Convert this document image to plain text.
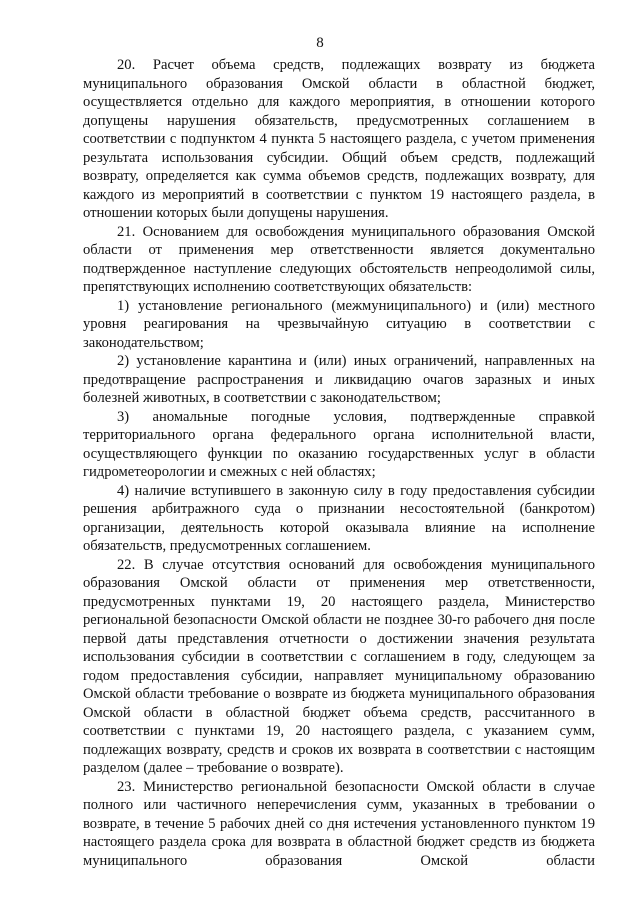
8

20. Расчет объема средств, подлежащих возврату из бюджета муниципального образования Омской области в областной бюджет, осуществляется отдельно для каждого мероприятия, в отношении которого допущены нарушения обязательств, предусмотренных соглашением в соответствии с подпунктом 4 пункта 5 настоящего раздела, с учетом применения результата использования субсидии. Общий объем средств, подлежащий возврату, определяется как сумма объемов средств, подлежащих возврату, для каждого из мероприятий в соответствии с пунктом 19 настоящего раздела, в отношении которых были допущены нарушения.

21. Основанием для освобождения муниципального образования Омской области от применения мер ответственности является документально подтвержденное наступление следующих обстоятельств непреодолимой силы, препятствующих исполнению соответствующих обязательств:

1) установление регионального (межмуниципального) и (или) местного уровня реагирования на чрезвычайную ситуацию в соответствии с законодательством;

2) установление карантина и (или) иных ограничений, направленных на предотвращение распространения и ликвидацию очагов заразных и иных болезней животных, в соответствии с законодательством;

3) аномальные погодные условия, подтвержденные справкой территориального органа федерального органа исполнительной власти, осуществляющего функции по оказанию государственных услуг в области гидрометеорологии и смежных с ней областях;

4) наличие вступившего в законную силу в году предоставления субсидии решения арбитражного суда о признании несостоятельной (банкротом) организации, деятельность которой оказывала влияние на исполнение обязательств, предусмотренных соглашением.

22. В случае отсутствия оснований для освобождения муниципального образования Омской области от применения мер ответственности, предусмотренных пунктами 19, 20 настоящего раздела, Министерство региональной безопасности Омской области не позднее 30-го рабочего дня после первой даты представления отчетности о достижении значения результата использования субсидии в соответствии с соглашением в году, следующем за годом предоставления субсидии, направляет муниципальному образованию Омской области требование о возврате из бюджета муниципального образования Омской области в областной бюджет объема средств, рассчитанного в соответствии с пунктами 19, 20 настоящего раздела, с указанием сумм, подлежащих возврату, средств и сроков их возврата в соответствии с настоящим разделом (далее – требование о возврате).

23. Министерство региональной безопасности Омской области в случае полного или частичного неперечисления сумм, указанных в требовании о возврате, в течение 5 рабочих дней со дня истечения установленного пунктом 19 настоящего раздела срока для возврата в областной бюджет средств из бюджета муниципального образования Омской области
